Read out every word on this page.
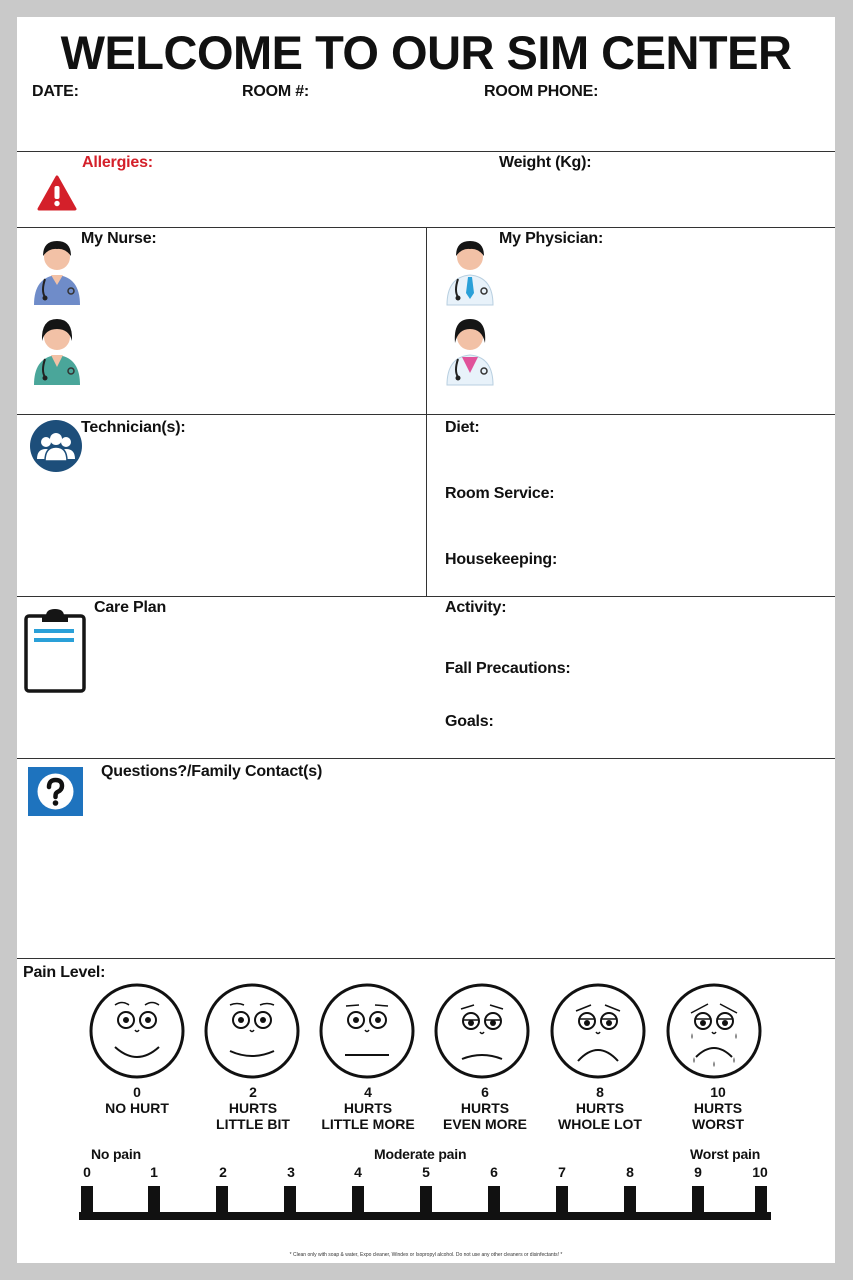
WELCOME TO OUR SIM CENTER
DATE:	ROOM #:	ROOM PHONE:
Allergies:	Weight (Kg):
My Nurse:	My Physician:
Technician(s):	Diet:
Room Service:
Housekeeping:
Care Plan	Activity:
Fall Precautions:
Goals:
Questions?/Family Contact(s)
Pain Level:
0
NO HURT
2
HURTS
LITTLE BIT
4
HURTS
LITTLE MORE
6
HURTS
EVEN MORE
8
HURTS
WHOLE LOT
10
HURTS
WORST
No pain	Moderate pain	Worst pain
0	1	2	3	4	5	6	7	8	9	10
* Clean only with soap & water, Expo cleaner, Windex or Isopropyl alcohol. Do not use any other cleaners or disinfectants! *
